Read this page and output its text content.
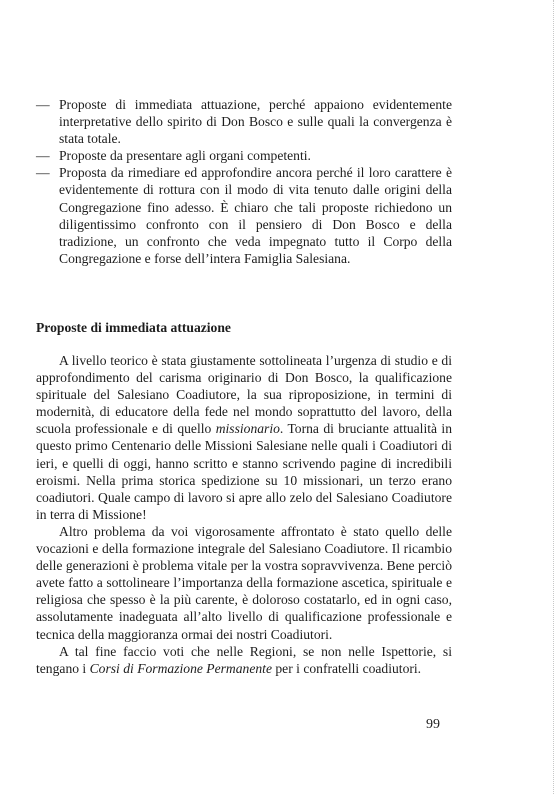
— Proposte di immediata attuazione, perché appaiono evidentemente interpretative dello spirito di Don Bosco e sulle quali la convergenza è stata totale.
— Proposte da presentare agli organi competenti.
— Proposta da rimediare ed approfondire ancora perché il loro carattere è evidentemente di rottura con il modo di vita tenuto dalle origini della Congregazione fino adesso. È chiaro che tali proposte richiedono un diligentissimo confronto con il pensiero di Don Bosco e della tradizione, un confronto che veda impegnato tutto il Corpo della Congregazione e forse dell’intera Famiglia Salesiana.
Proposte di immediata attuazione

A livello teorico è stata giustamente sottolineata l’urgenza di studio e di approfondimento del carisma originario di Don Bosco, la qualificazione spirituale del Salesiano Coadiutore, la sua riproposizione, in termini di modernità, di educatore della fede nel mondo soprattutto del lavoro, della scuola professionale e di quello missionario. Torna di bruciante attualità in questo primo Centenario delle Missioni Salesiane nelle quali i Coadiutori di ieri, e quelli di oggi, hanno scritto e stanno scrivendo pagine di incredibili eroismi. Nella prima storica spedizione su 10 missionari, un terzo erano coadiutori. Quale campo di lavoro si apre allo zelo del Salesiano Coadiutore in terra di Missione!

Altro problema da voi vigorosamente affrontato è stato quello delle vocazioni e della formazione integrale del Salesiano Coadiutore. Il ricambio delle generazioni è problema vitale per la vostra sopravvivenza. Bene perciò avete fatto a sottolineare l’importanza della formazione ascetica, spirituale e religiosa che spesso è la più carente, è doloroso costatarlo, ed in ogni caso, assolutamente inadeguata all’alto livello di qualificazione professionale e tecnica della maggioranza ormai dei nostri Coadiutori.

A tal fine faccio voti che nelle Regioni, se non nelle Ispettorie, si tengano i Corsi di Formazione Permanente per i confratelli coadiutori.

99
